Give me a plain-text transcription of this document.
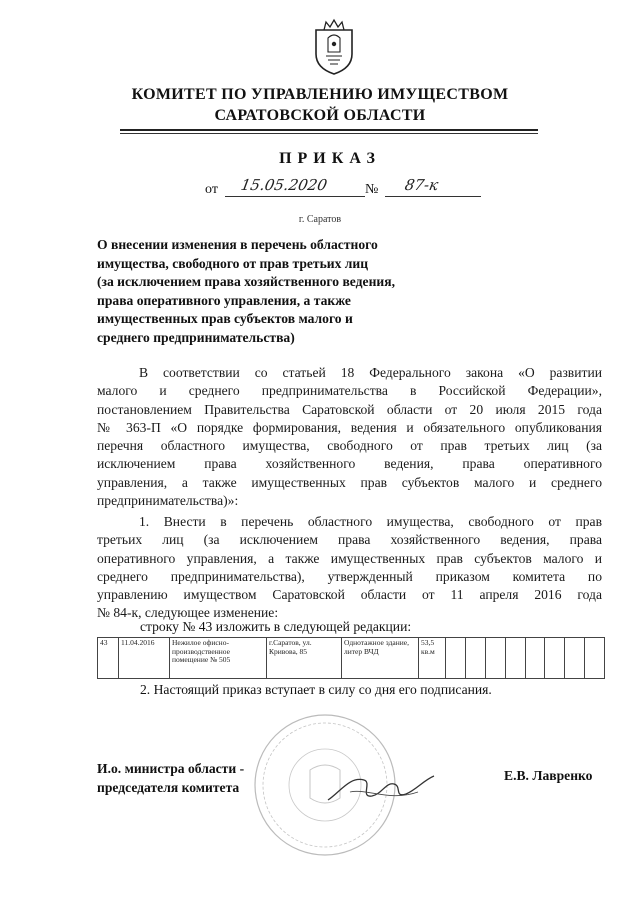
КОМИТЕТ ПО УПРАВЛЕНИЮ ИМУЩЕСТВОМ
САРАТОВСКОЙ ОБЛАСТИ
ПРИКАЗ
от 15.05.2020	№ 87-к
г. Саратов
О внесении изменения в перечень областного
имущества, свободного от прав третьих лиц
(за исключением права хозяйственного ведения,
права оперативного управления, а также
имущественных прав субъектов малого и
среднего предпринимательства)
В соответствии со статьей 18 Федерального закона «О развитии
малого и среднего предпринимательства в Российской Федерации»,
постановлением Правительства Саратовской области от 20 июля 2015 года
№ 363-П «О порядке формирования, ведения и обязательного опубликования
перечня областного имущества, свободного от прав третьих лиц (за
исключением права хозяйственного ведения, права оперативного
управления, а также имущественных прав субъектов малого и среднего
предпринимательства)»:
1. Внести в перечень областного имущества, свободного от прав
третьих лиц (за исключением права хозяйственного ведения, права
оперативного управления, а также имущественных прав субъектов малого и
среднего предпринимательства), утвержденный приказом комитета по
управлению имуществом Саратовской области от 11 апреля 2016 года
№ 84-к, следующее изменение:
строку № 43 изложить в следующей редакции:
43	11.04.2016	Нежилое офисно-производственное помещение № 505	г.Саратов, ул. Кривова, 85	Однотажное здание, литер ВЧД	53,5 кв.м								
2. Настоящий приказ вступает в силу со дня его подписания.
И.о. министра области -
председателя комитета
Е.В. Лавренко
